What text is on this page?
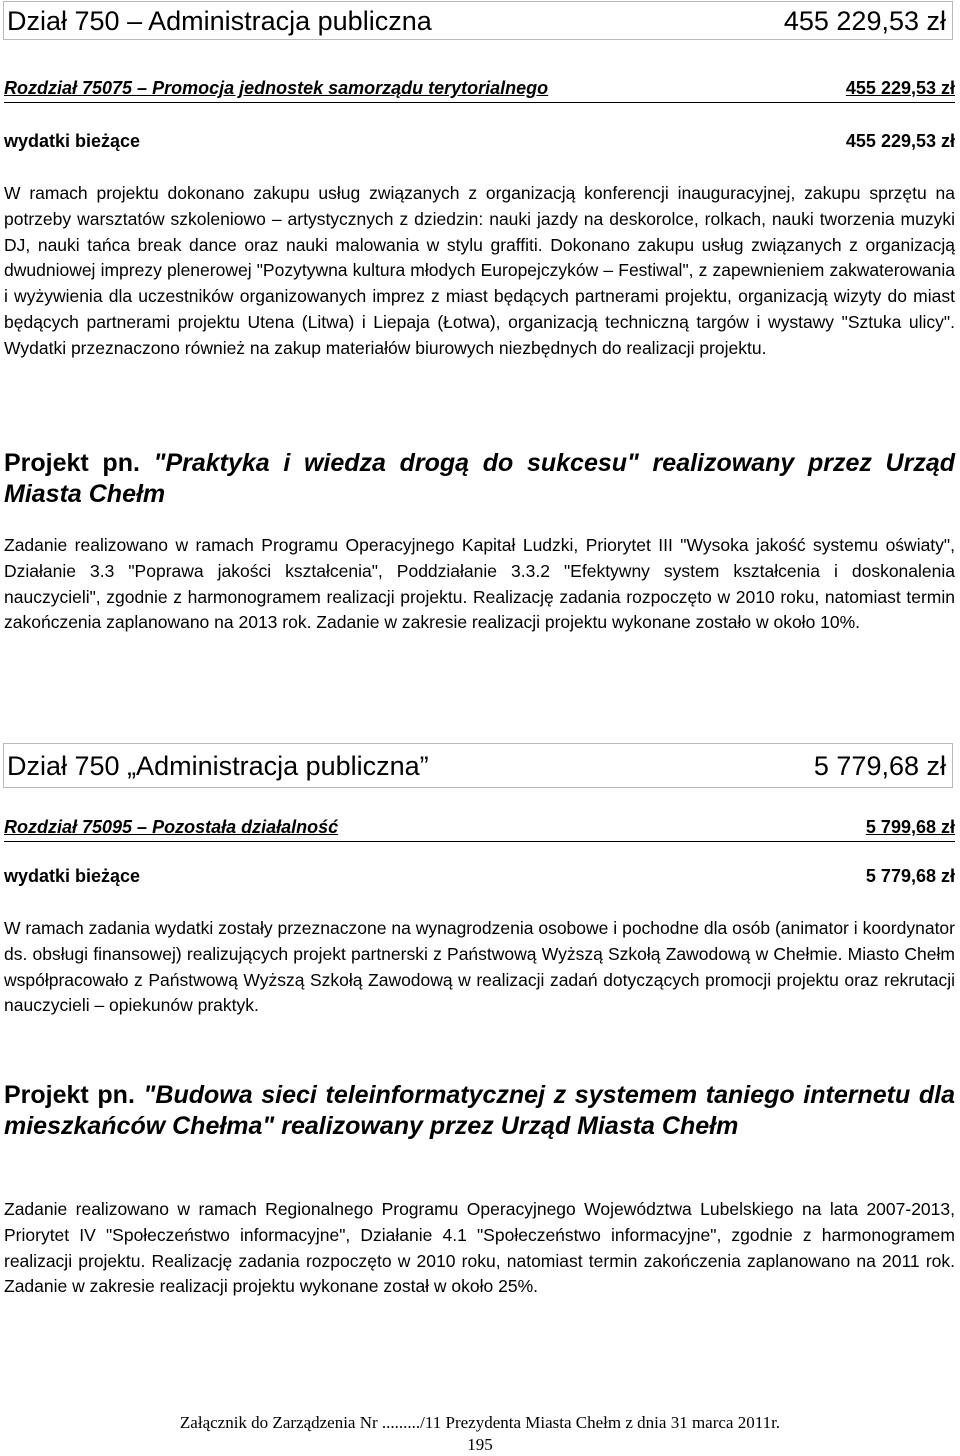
Dział 750 – Administracja publiczna	455 229,53 zł
Rozdział 75075 – Promocja jednostek samorządu terytorialnego	455 229,53 zł
wydatki bieżące	455 229,53 zł

W ramach projektu dokonano zakupu usług związanych z organizacją konferencji inauguracyjnej, zakupu sprzętu na potrzeby warsztatów szkoleniowo – artystycznych z dziedzin: nauki jazdy na deskorolce, rolkach, nauki tworzenia muzyki DJ, nauki tańca break dance oraz nauki malowania w stylu graffiti. Dokonano zakupu usług związanych z organizacją dwudniowej imprezy plenerowej "Pozytywna kultura młodych Europejczyków – Festiwal", z zapewnieniem zakwaterowania i wyżywienia dla uczestników organizowanych imprez z miast będących partnerami projektu, organizacją wizyty do miast będących partnerami projektu Utena (Litwa) i Liepaja (Łotwa), organizacją techniczną targów i wystawy "Sztuka ulicy". Wydatki przeznaczono również na zakup materiałów biurowych niezbędnych do realizacji projektu.

Projekt pn. "Praktyka i wiedza drogą do sukcesu" realizowany przez Urząd Miasta Chełm

Zadanie realizowano w ramach Programu Operacyjnego Kapitał Ludzki, Priorytet III "Wysoka jakość systemu oświaty", Działanie 3.3 "Poprawa jakości kształcenia", Poddziałanie 3.3.2 "Efektywny system kształcenia i doskonalenia nauczycieli", zgodnie z harmonogramem realizacji projektu. Realizację zadania rozpoczęto w 2010 roku, natomiast termin zakończenia zaplanowano na 2013 rok. Zadanie w zakresie realizacji projektu wykonane zostało w około 10%.

Dział 750 „Administracja publiczna”	5 779,68 zł
Rozdział 75095 – Pozostała działalność	5 799,68 zł
wydatki bieżące	5 779,68 zł

W ramach zadania wydatki zostały przeznaczone na wynagrodzenia osobowe i pochodne dla osób (animator i koordynator ds. obsługi finansowej) realizujących projekt partnerski z Państwową Wyższą Szkołą Zawodową w Chełmie. Miasto Chełm współpracowało z Państwową Wyższą Szkołą Zawodową w realizacji zadań dotyczących promocji projektu oraz rekrutacji nauczycieli – opiekunów praktyk.

Projekt pn. "Budowa sieci teleinformatycznej z systemem taniego internetu dla mieszkańców Chełma" realizowany przez Urząd Miasta Chełm

Zadanie realizowano w ramach Regionalnego Programu Operacyjnego Województwa Lubelskiego na lata 2007-2013, Priorytet IV "Społeczeństwo informacyjne", Działanie 4.1 "Społeczeństwo informacyjne", zgodnie z harmonogramem realizacji projektu. Realizację zadania rozpoczęto w 2010 roku, natomiast termin zakończenia zaplanowano na 2011 rok. Zadanie w zakresie realizacji projektu wykonane został w około 25%.

Załącznik do Zarządzenia Nr ........./11 Prezydenta Miasta Chełm z dnia 31 marca 2011r.
195
